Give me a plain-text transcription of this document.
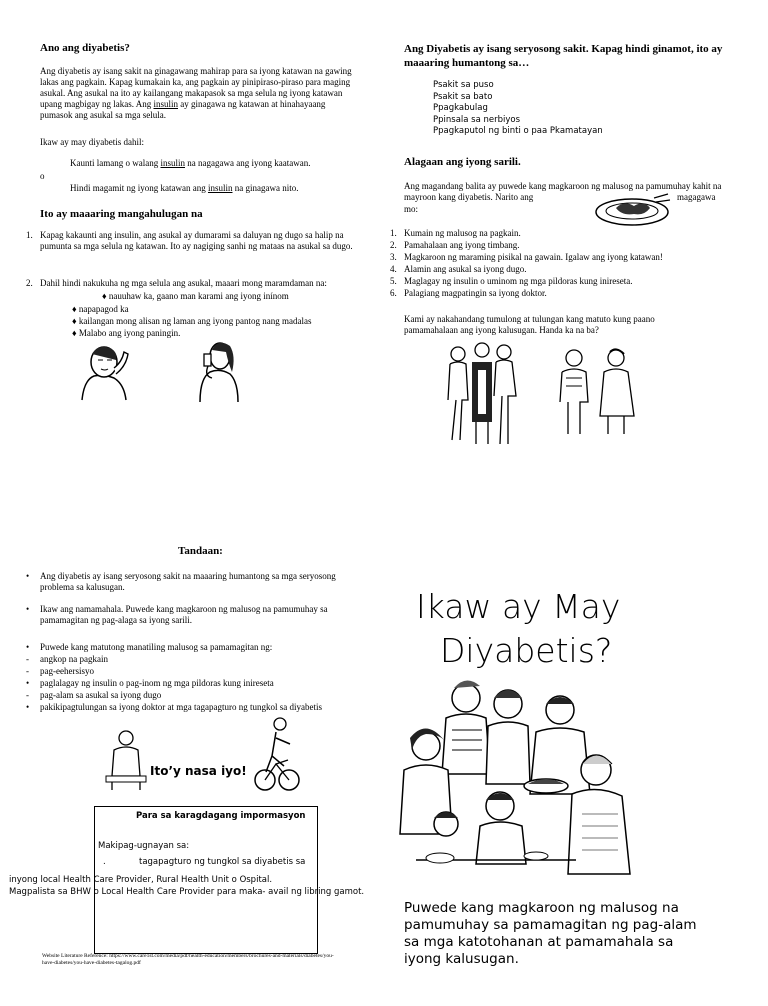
Ano ang diyabetis?
Ang diyabetis ay isang sakit na ginagawang mahirap para sa iyong katawan na gawing lakas ang pagkain. Kapag kumakain ka, ang pagkain ay pinipiraso-piraso para maging asukal. Ang asukal na ito ay kailangang makapasok sa mga selula ng iyong katawan upang magbigay ng lakas. Ang insulin ay ginagawa ng katawan at hinahayaang pumasok ang asukal sa mga selula.
Ikaw ay may diyabetis dahil:
Kaunti lamang o walang insulin na nagagawa ang iyong kaatawan.
o
Hindi magamit ng iyong katawan ang insulin na ginagawa nito.
Ito ay maaaring mangahulugan na
1. Kapag kakaunti ang insulin, ang asukal ay dumarami sa daluyan ng dugo sa halip na pumunta sa mga selula ng katawan. Ito ay nagiging sanhi ng mataas na asukal sa dugo.
2. Dahil hindi nakukuha ng mga selula ang asukal, maaari mong maramdaman na:
♦ nauuhaw ka, gaano man karami ang iyong inínom
♦ napapagod ka
♦ kailangan mong alisan ng laman ang iyong pantog nang madalas
♦ Malabo ang iyong paningin.
Ang Diyabetis ay isang seryosong sakit. Kapag hindi ginamot, ito ay maaaring humantong sa…
Psakit sa puso
Psakit sa bato
Ppagkabulag
Ppinsala sa nerbiyos
Ppagkaputol ng binti o paa Pkamatayan
Alagaan ang iyong sarili.
Ang magandang balita ay puwede kang magkaroon ng malusog na pamumuhay kahit na mayroon kang diyabetis. Narito ang	magagawa
mo:
1. Kumain ng malusog na pagkain.
2. Pamahalaan ang iyong timbang.
3. Magkaroon ng maraming pisikal na gawain. Igalaw ang iyong katawan!
4. Alamin ang asukal sa iyong dugo.
5. Maglagay ng insulin o uminom ng mga pildoras kung inireseta.
6. Palagiang magpatingin sa iyong doktor.
Kami ay nakahandang tumulong at tulungan kang matuto kung paano pamamahalaan ang iyong kalusugan. Handa ka na ba?
Tandaan:
• Ang diyabetis ay isang seryosong sakit na maaaring humantong sa mga seryosong problema sa kalusugan.
• Ikaw ang namamahala. Puwede kang magkaroon ng malusog na pamumuhay sa pamamagitan ng pag-alaga sa iyong sarili.
• Puwede kang matutong manatiling malusog sa pamamagitan ng:
- angkop na pagkain
- pag-eehersisyo
• paglalagay ng insulin o pag-inom ng mga pildoras kung inireseta
- pag-alam sa asukal sa iyong dugo
• pakikipagtulungan sa iyong doktor at mga tagapagturo ng tungkol sa diyabetis
Ito’y nasa iyo!
Para sa karagdagang impormasyon
Makipag-ugnayan sa:
.	tagapagturo ng tungkol sa diyabetis sa
inyong local Health Care Provider, Rural Health Unit o Ospital.
Magpalista sa BHW o Local Health Care Provider para maka- avail ng libring gamot.
Website Literature Reference: https://www.care1st.com/media/pdf/health-education/members/brochures-and-materials/diabetes/you-have-diabetes/you-have-diabetes-tagalog.pdf
Ikaw ay May
Diyabetis?
Puwede kang magkaroon ng malusog na pamumuhay sa pamamagitan ng pag-alam sa mga katotohanan at pamamahala sa iyong kalusugan.
